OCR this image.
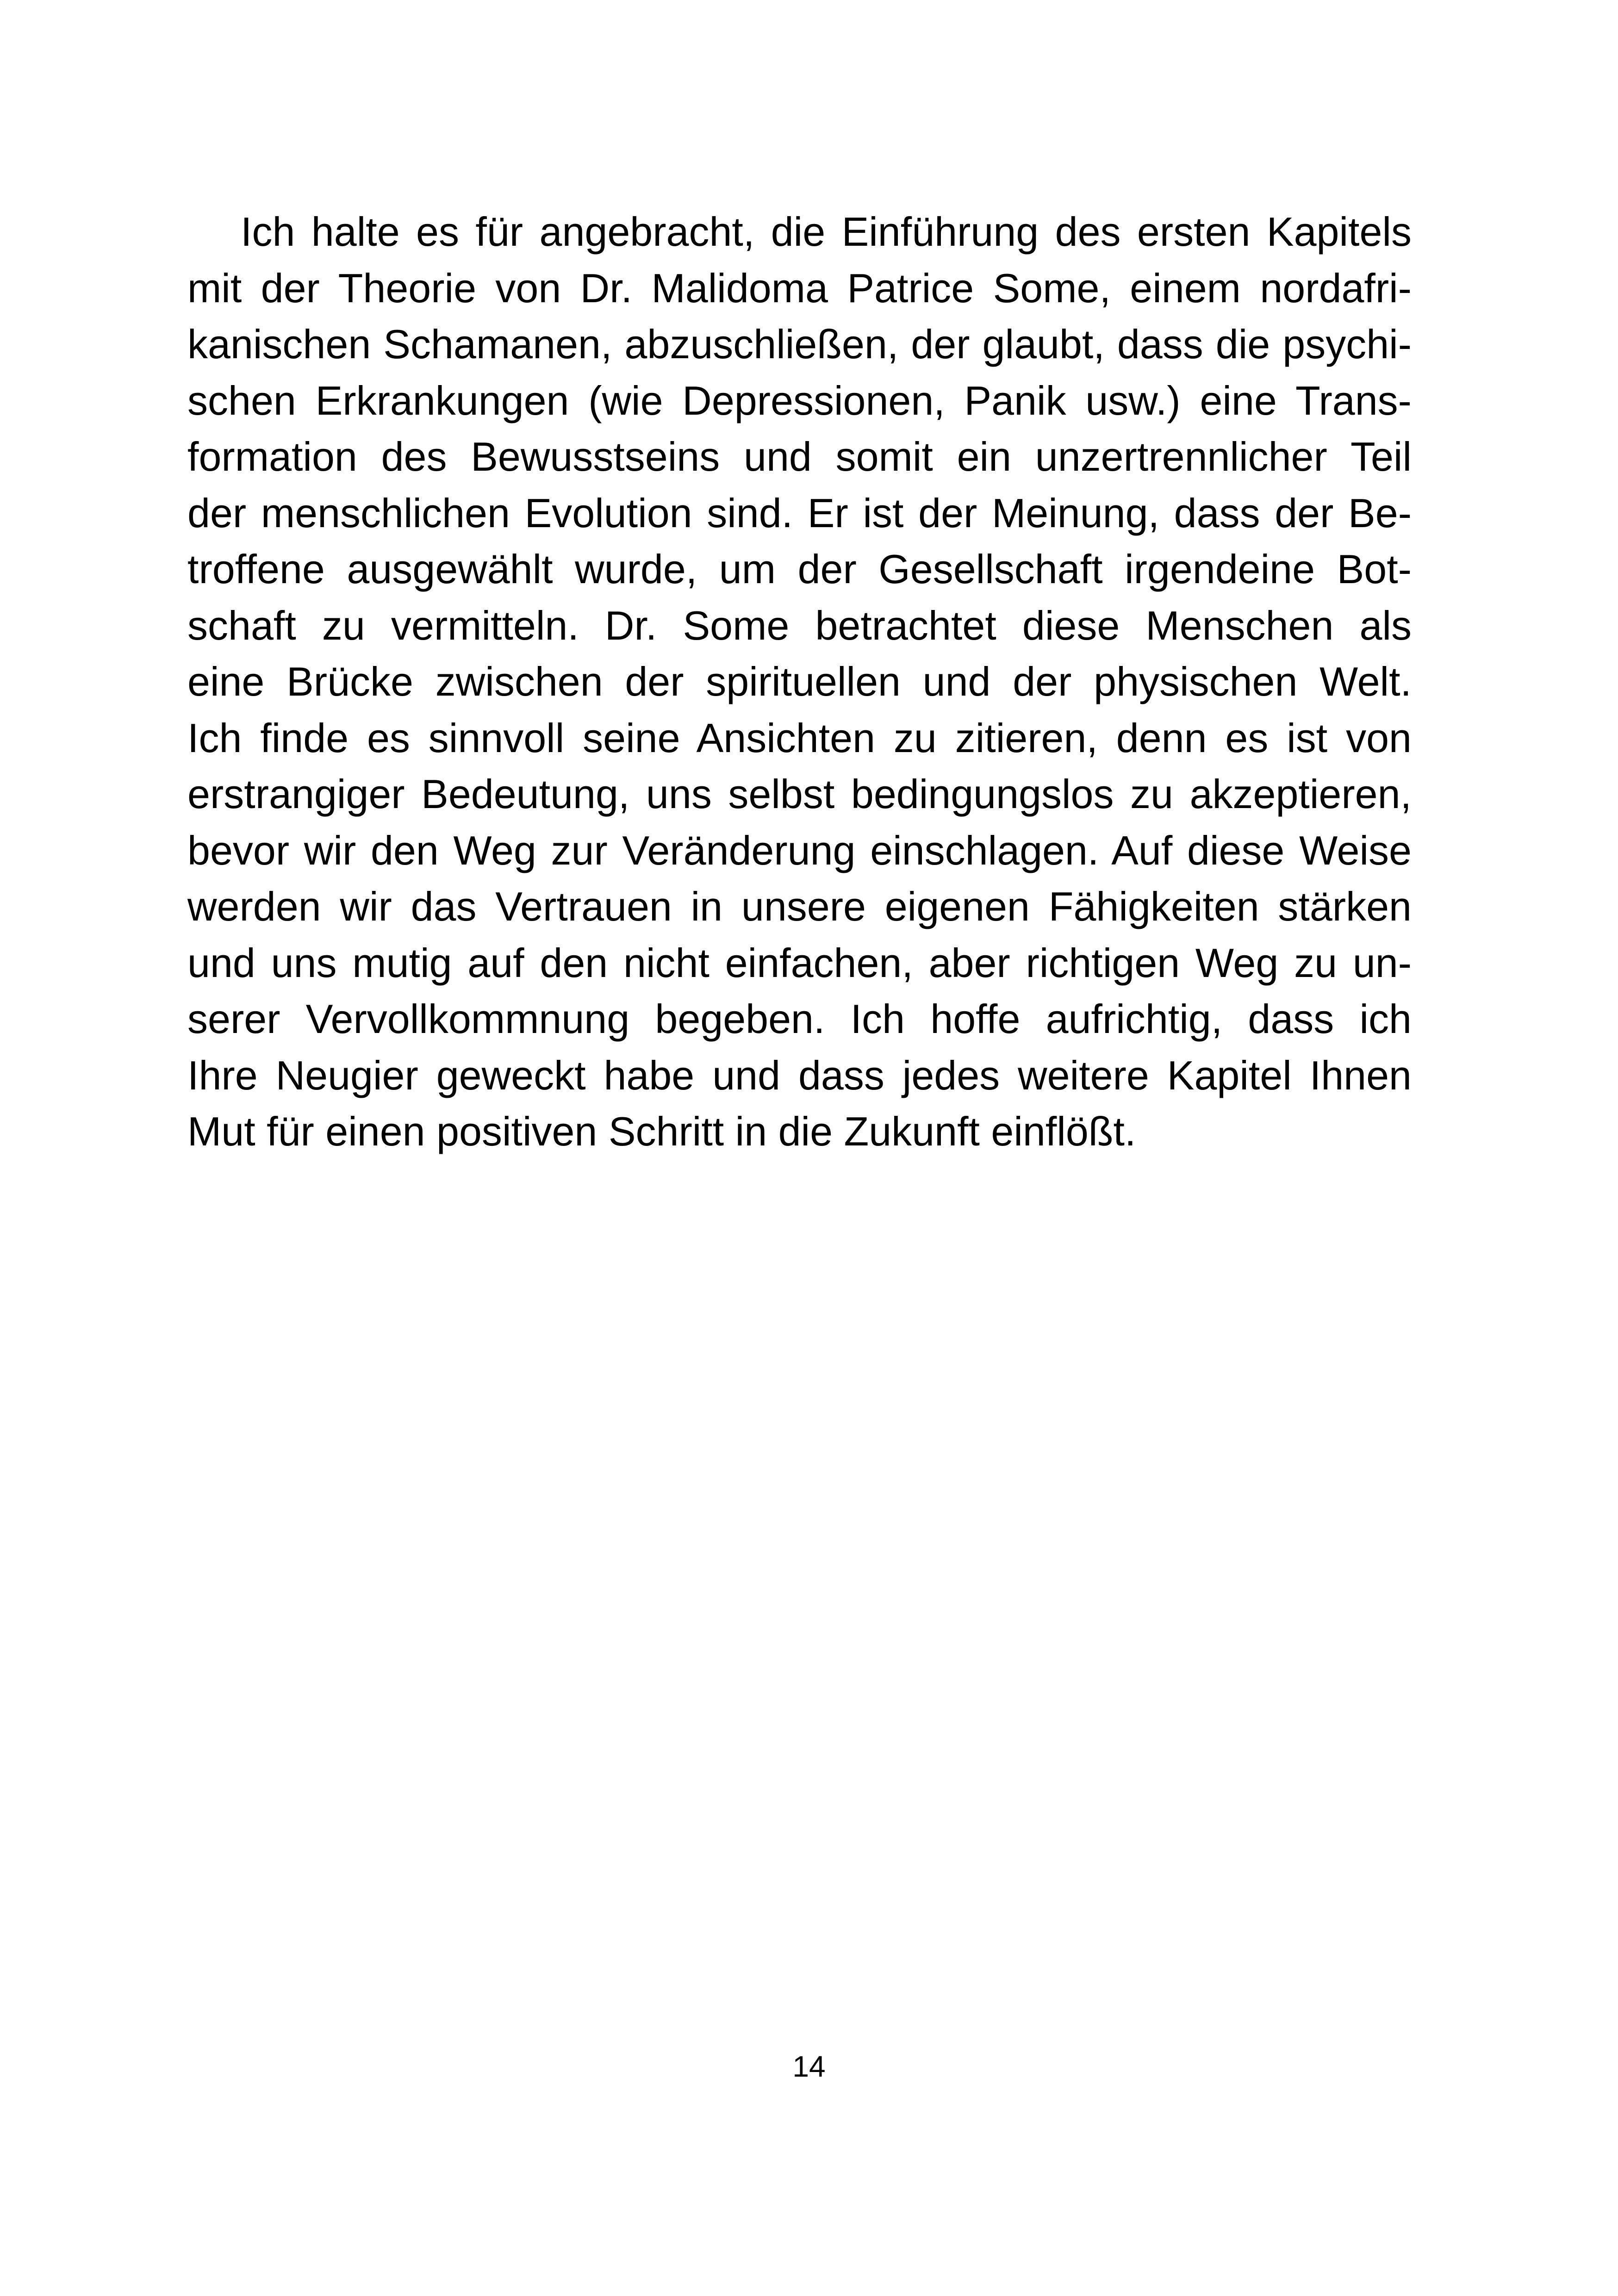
Ich halte es für angebracht, die Einführung des ersten Kapitels
mit der Theorie von Dr. Malidoma Patrice Some, einem nordafri-
kanischen Schamanen, abzuschließen, der glaubt, dass die psychi-
schen Erkrankungen (wie Depressionen, Panik usw.) eine Trans-
formation des Bewusstseins und somit ein unzertrennlicher Teil
der menschlichen Evolution sind. Er ist der Meinung, dass der Be-
troffene ausgewählt wurde, um der Gesellschaft irgendeine Bot-
schaft zu vermitteln. Dr. Some betrachtet diese Menschen als
eine Brücke zwischen der spirituellen und der physischen Welt.
Ich finde es sinnvoll seine Ansichten zu zitieren, denn es ist von
erstrangiger Bedeutung, uns selbst bedingungslos zu akzeptieren,
bevor wir den Weg zur Veränderung einschlagen. Auf diese Weise
werden wir das Vertrauen in unsere eigenen Fähigkeiten stärken
und uns mutig auf den nicht einfachen, aber richtigen Weg zu un-
serer Vervollkommnung begeben. Ich hoffe aufrichtig, dass ich
Ihre Neugier geweckt habe und dass jedes weitere Kapitel Ihnen
Mut für einen positiven Schritt in die Zukunft einflößt.
14
